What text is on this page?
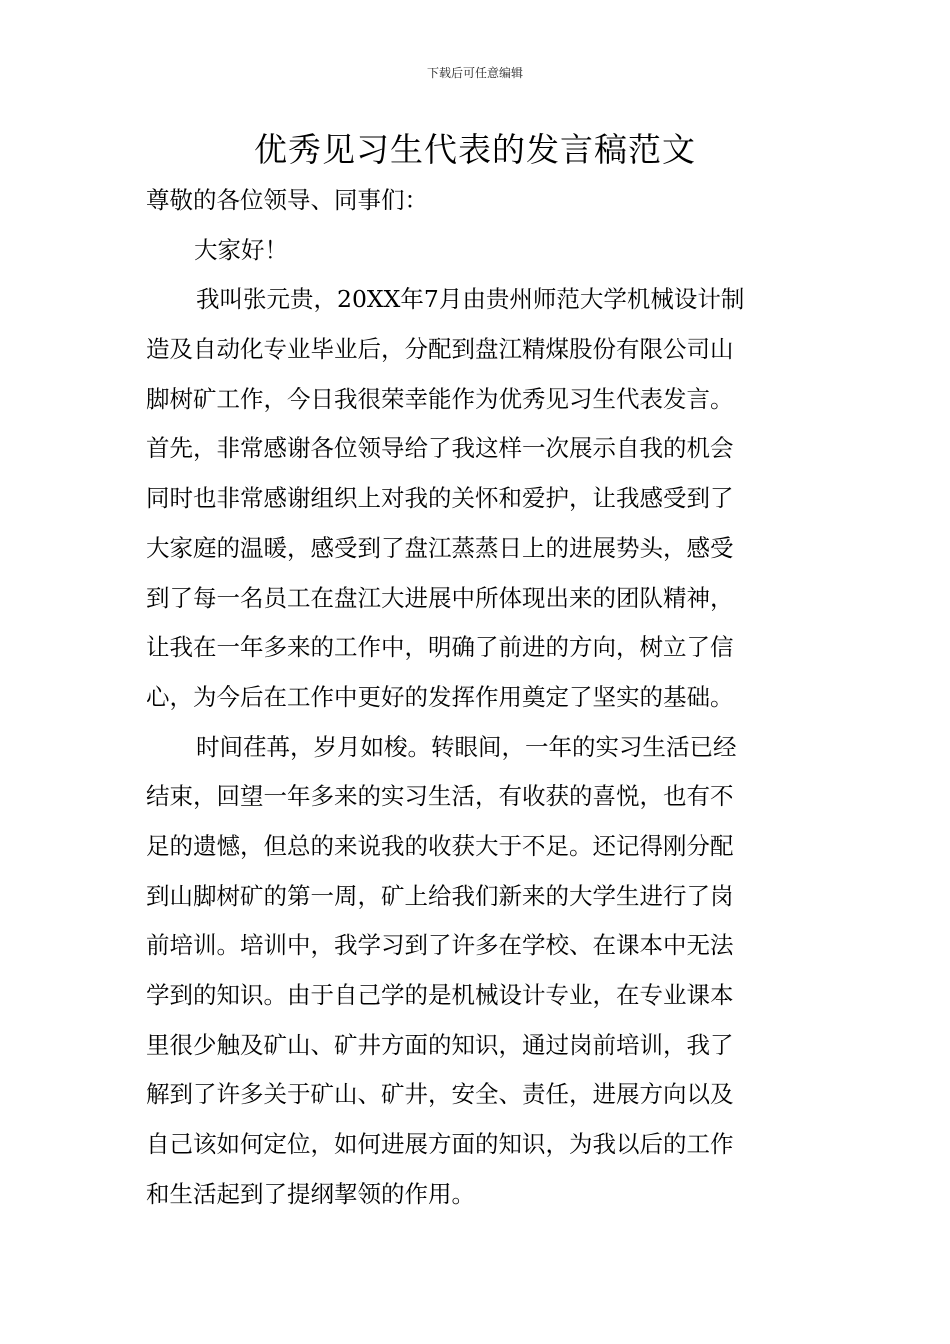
下载后可任意编辑
优秀见习生代表的发言稿范文
尊敬的各位领导、同事们：
大家好！
我叫张元贵，20XX年7月由贵州师范大学机械设计制
造及自动化专业毕业后，分配到盘江精煤股份有限公司山
脚树矿工作，今日我很荣幸能作为优秀见习生代表发言。
首先，非常感谢各位领导给了我这样一次展示自我的机会
同时也非常感谢组织上对我的关怀和爱护，让我感受到了
大家庭的温暖，感受到了盘江蒸蒸日上的进展势头，感受
到了每一名员工在盘江大进展中所体现出来的团队精神，
让我在一年多来的工作中，明确了前进的方向，树立了信
心，为今后在工作中更好的发挥作用奠定了坚实的基础。
时间荏苒，岁月如梭。转眼间，一年的实习生活已经
结束，回望一年多来的实习生活，有收获的喜悦，也有不
足的遗憾，但总的来说我的收获大于不足。还记得刚分配
到山脚树矿的第一周，矿上给我们新来的大学生进行了岗
前培训。培训中，我学习到了许多在学校、在课本中无法
学到的知识。由于自己学的是机械设计专业，在专业课本
里很少触及矿山、矿井方面的知识，通过岗前培训，我了
解到了许多关于矿山、矿井，安全、责任，进展方向以及
自己该如何定位，如何进展方面的知识，为我以后的工作
和生活起到了提纲挈领的作用。
